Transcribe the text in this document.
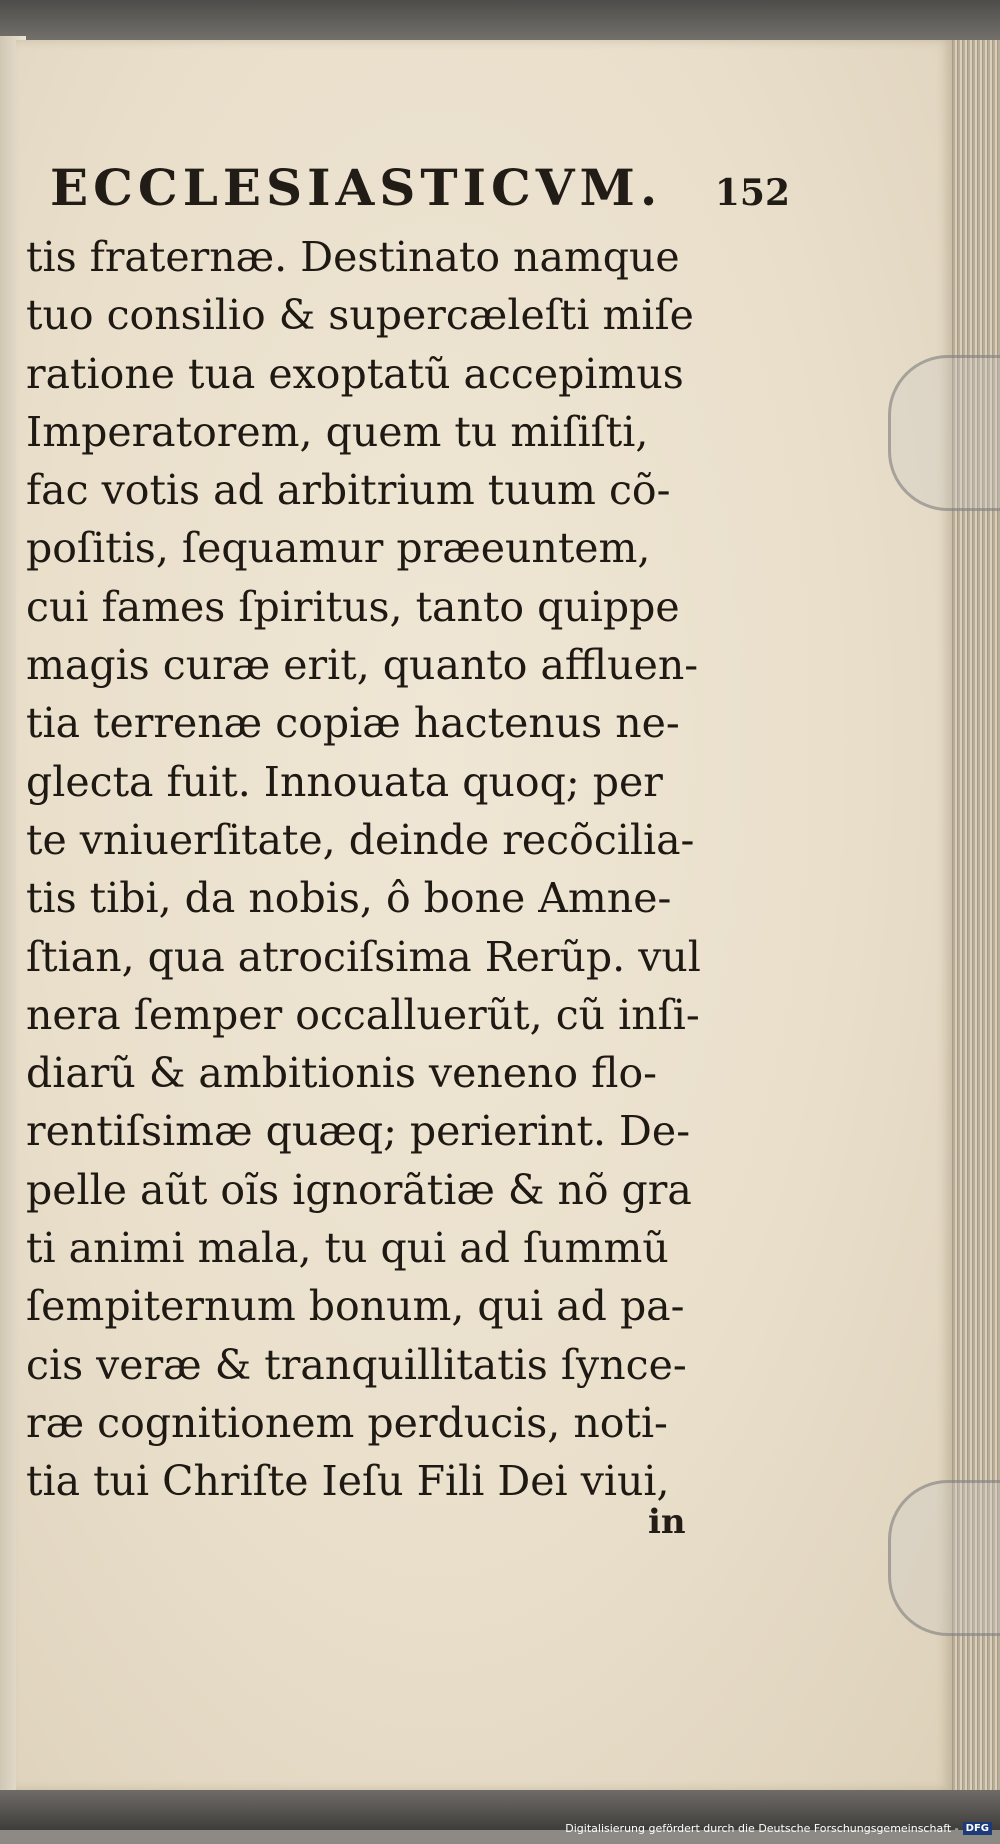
ECCLESIASTICVM. 152
tis fraternæ. Destinato namque
tuo consilio & supercæleſti miſe
ratione tua exoptatũ accepimus
Imperatorem, quem tu miſiſti,
fac votis ad arbitrium tuum cõ-
poſitis, ſequamur præeuntem,
cui fames ſpiritus, tanto quippe
magis curæ erit, quanto affluen-
tia terrenæ copiæ hactenus ne-
glecta fuit. Innouata quoq; per
te vniuerſitate, deinde recõcilia-
tis tibi, da nobis, ô bone Amne-
ſtian, qua atrociſsima Rerũp. vul
nera ſemper occalluerũt, cũ inſi-
diarũ & ambitionis veneno flo-
rentiſsimæ quæq; perierint. De-
pelle aũt oĩs ignorãtiæ & nõ gra
ti animi mala, tu qui ad ſummũ
ſempiternum bonum, qui ad pa-
cis veræ & tranquillitatis ſynce-
ræ cognitionem perducis, noti-
tia tui Chriſte Ieſu Fili Dei viui,
in
Digitalisierung gefördert durch die Deutsche Forschungsgemeinschaft - DFG
